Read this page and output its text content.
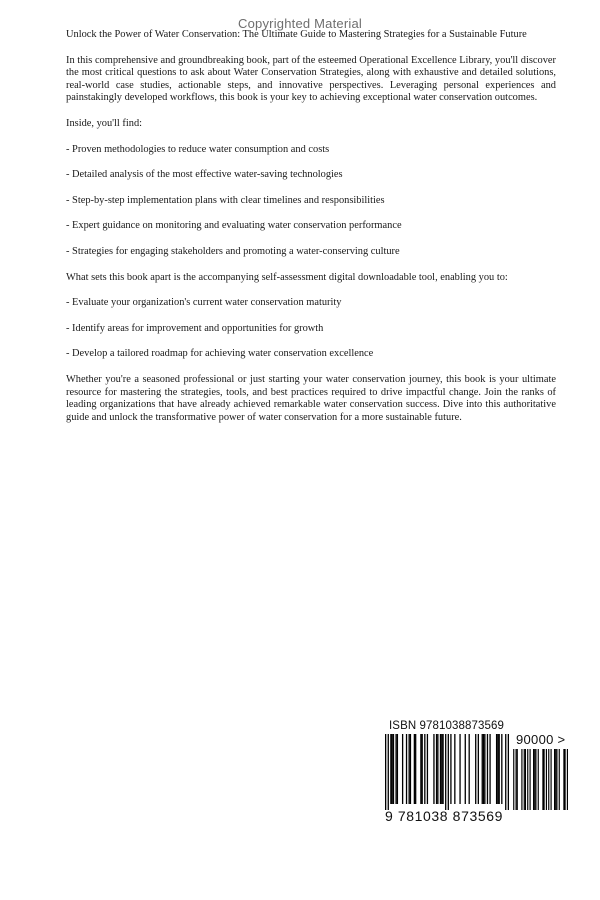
Copyrighted Material

Unlock the Power of Water Conservation: The Ultimate Guide to Mastering Strategies for a Sustainable Future

In this comprehensive and groundbreaking book, part of the esteemed Operational Excellence Library, you'll discover the most critical questions to ask about Water Conservation Strategies, along with exhaustive and detailed solutions, real-world case studies, actionable steps, and innovative perspectives. Leveraging personal experiences and painstakingly developed workflows, this book is your key to achieving exceptional water conservation outcomes.

Inside, you'll find:

- Proven methodologies to reduce water consumption and costs

- Detailed analysis of the most effective water-saving technologies

- Step-by-step implementation plans with clear timelines and responsibilities

- Expert guidance on monitoring and evaluating water conservation performance

- Strategies for engaging stakeholders and promoting a water-conserving culture

What sets this book apart is the accompanying self-assessment digital downloadable tool, enabling you to:

- Evaluate your organization's current water conservation maturity

- Identify areas for improvement and opportunities for growth

- Develop a tailored roadmap for achieving water conservation excellence

Whether you're a seasoned professional or just starting your water conservation journey, this book is your ultimate resource for mastering the strategies, tools, and best practices required to drive impactful change. Join the ranks of leading organizations that have already achieved remarkable water conservation success. Dive into this authoritative guide and unlock the transformative power of water conservation for a more sustainable future.

ISBN 9781038873569
90000 >
9 781038 873569
